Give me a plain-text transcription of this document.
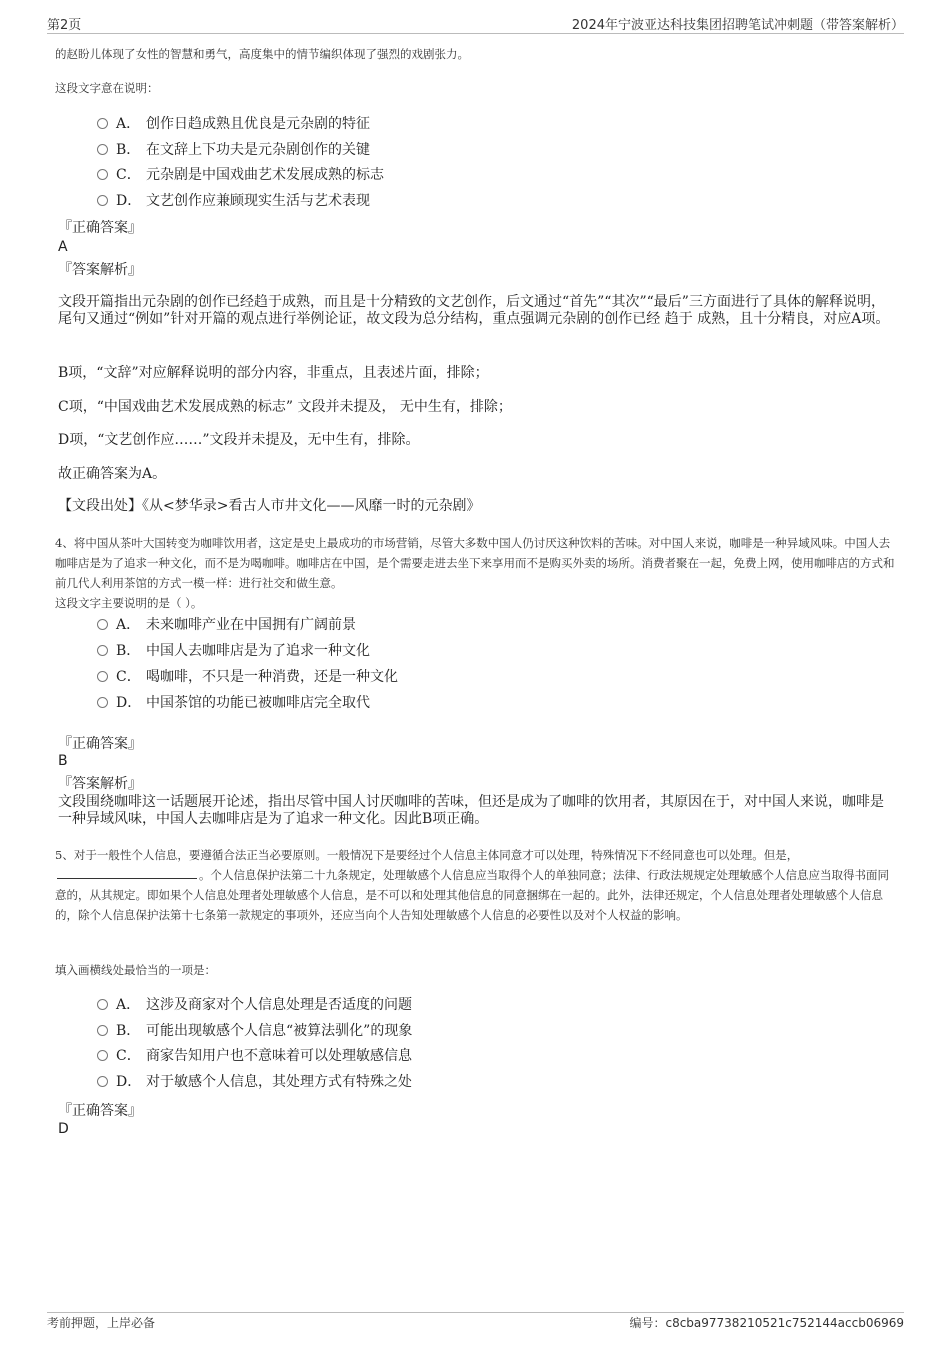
第2页	2024年宁波亚达科技集团招聘笔试冲刺题（带答案解析）
的赵盼儿体现了女性的智慧和勇气，高度集中的情节编织体现了强烈的戏剧张力。
这段文字意在说明：
A． 创作日趋成熟且优良是元杂剧的特征
B． 在文辞上下功夫是元杂剧创作的关键
C． 元杂剧是中国戏曲艺术发展成熟的标志
D． 文艺创作应兼顾现实生活与艺术表现
『正确答案』
A
『答案解析』
文段开篇指出元杂剧的创作已经趋于成熟，而且是十分精致的文艺创作，后文通过“首先”“其次”“最后”三方面进行了具体的解释说明，尾句又通过“例如”针对开篇的观点进行举例论证，故文段为总分结构，重点强调元杂剧的创作已经 趋于 成熟，且十分精良，对应A项。
B项，“文辞”对应解释说明的部分内容，非重点，且表述片面，排除；
C项，“中国戏曲艺术发展成熟的标志” 文段并未提及， 无中生有，排除；
D项，“文艺创作应……”文段并未提及，无中生有，排除。
故正确答案为A。
【文段出处】《从<梦华录>看古人市井文化——风靡一时的元杂剧》
4、将中国从茶叶大国转变为咖啡饮用者，这定是史上最成功的市场营销，尽管大多数中国人仍讨厌这种饮料的苦味。对中国人来说，咖啡是一种异域风味。中国人去咖啡店是为了追求一种文化，而不是为喝咖啡。咖啡店在中国，是个需要走进去坐下来享用而不是购买外卖的场所。消费者聚在一起，免费上网，使用咖啡店的方式和前几代人利用茶馆的方式一模一样：进行社交和做生意。
这段文字主要说明的是（ ）。
A． 未来咖啡产业在中国拥有广阔前景
B． 中国人去咖啡店是为了追求一种文化
C． 喝咖啡，不只是一种消费，还是一种文化
D． 中国茶馆的功能已被咖啡店完全取代
『正确答案』
B
『答案解析』
文段围绕咖啡这一话题展开论述，指出尽管中国人讨厌咖啡的苦味，但还是成为了咖啡的饮用者，其原因在于，对中国人来说，咖啡是一种异域风味，中国人去咖啡店是为了追求一种文化。因此B项正确。
5、对于一般性个人信息，要遵循合法正当必要原则。一般情况下是要经过个人信息主体同意才可以处理，特殊情况下不经同意也可以处理。但是，。个人信息保护法第二十九条规定，处理敏感个人信息应当取得个人的单独同意；法律、行政法规规定处理敏感个人信息应当取得书面同意的，从其规定。即如果个人信息处理者处理敏感个人信息，是不可以和处理其他信息的同意捆绑在一起的。此外，法律还规定，个人信息处理者处理敏感个人信息的，除个人信息保护法第十七条第一款规定的事项外，还应当向个人告知处理敏感个人信息的必要性以及对个人权益的影响。
填入画横线处最恰当的一项是：
A． 这涉及商家对个人信息处理是否适度的问题
B． 可能出现敏感个人信息“被算法驯化”的现象
C． 商家告知用户也不意味着可以处理敏感信息
D． 对于敏感个人信息，其处理方式有特殊之处
『正确答案』
D
考前押题，上岸必备	编号：c8cba97738210521c752144accb06969
